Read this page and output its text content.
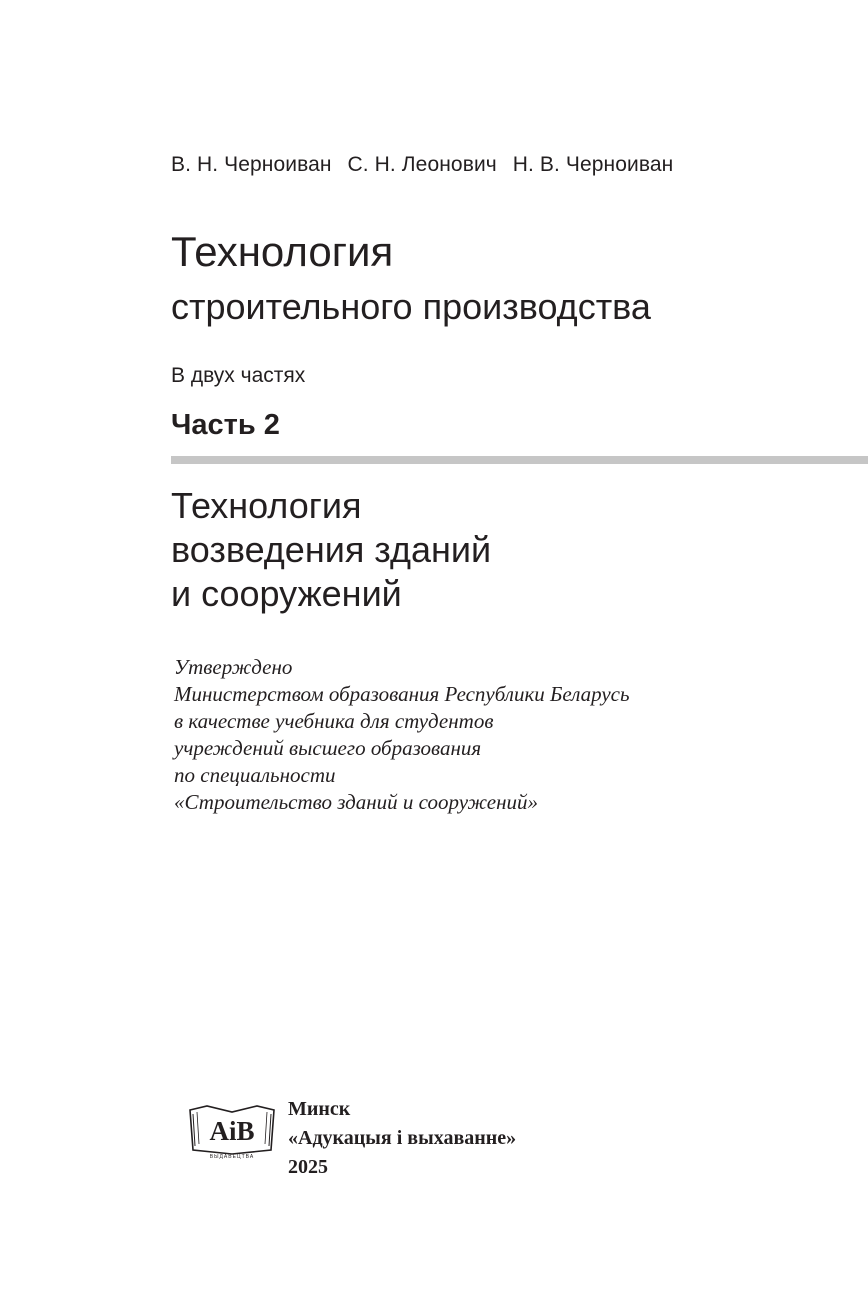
В. Н. Черноиван С. Н. Леонович Н. В. Черноиван
Технология
строительного производства
В двух частях
Часть 2
Технология
возведения зданий
и сооружений
Утверждено
Министерством образования Республики Беларусь
в качестве учебника для студентов
учреждений высшего образования
по специальности
«Строительство зданий и сооружений»
АiВ
ВЫДАВЕЦТВА
Минск
«Адукацыя і выхаванне»
2025
